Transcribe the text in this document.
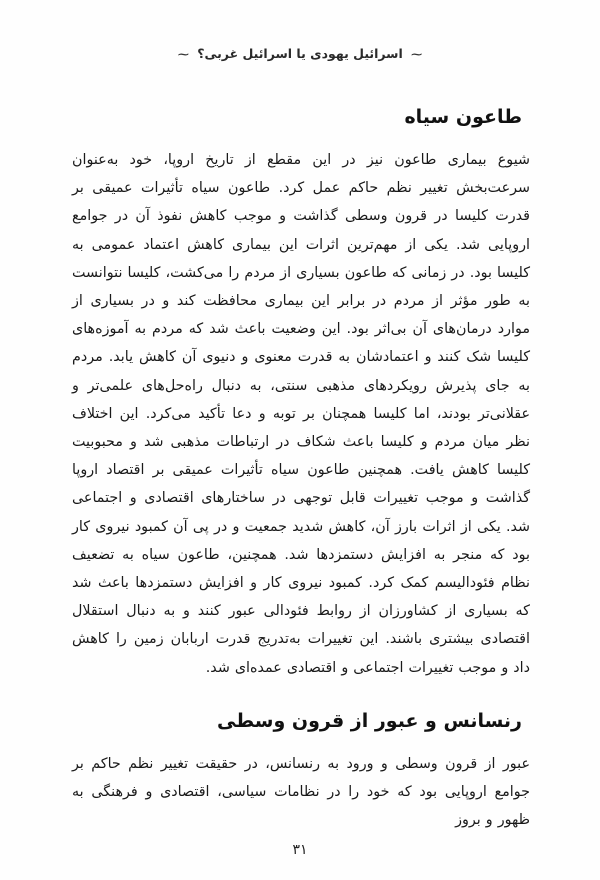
⁓ اسرائیل یهودی یا اسرائیل غربی؟ ⁓
طاعون سیاه

شیوع بیماری طاعون نیز در این مقطع از تاریخ اروپا، خود به‌عنوان سرعت‌بخش تغییر نظم حاکم عمل کرد. طاعون سیاه تأثیرات عمیقی بر قدرت کلیسا در قرون وسطی گذاشت و موجب کاهش نفوذ آن در جوامع اروپایی شد. یکی از مهم‌ترین اثرات این بیماری کاهش اعتماد عمومی به کلیسا بود. در زمانی که طاعون بسیاری از مردم را می‌کشت، کلیسا نتوانست به طور مؤثر از مردم در برابر این بیماری محافظت کند و در بسیاری از موارد درمان‌های آن بی‌اثر بود. این وضعیت باعث شد که مردم به آموزه‌های کلیسا شک کنند و اعتمادشان به قدرت معنوی و دنیوی آن کاهش یابد. مردم به جای پذیرش رویکردهای مذهبی سنتی، به دنبال راه‌حل‌های علمی‌تر و عقلانی‌تر بودند، اما کلیسا همچنان بر توبه و دعا تأکید می‌کرد. این اختلاف نظر میان مردم و کلیسا باعث شکاف در ارتباطات مذهبی شد و محبوبیت کلیسا کاهش یافت. همچنین طاعون سیاه تأثیرات عمیقی بر اقتصاد اروپا گذاشت و موجب تغییرات قابل توجهی در ساختارهای اقتصادی و اجتماعی شد. یکی از اثرات بارز آن، کاهش شدید جمعیت و در پی آن کمبود نیروی کار بود که منجر به افزایش دستمزدها شد. همچنین، طاعون سیاه به تضعیف نظام فئودالیسم کمک کرد. کمبود نیروی کار و افزایش دستمزدها باعث شد که بسیاری از کشاورزان از روابط فئودالی عبور کنند و به دنبال استقلال اقتصادی بیشتری باشند. این تغییرات به‌تدریج قدرت اربابان زمین را کاهش داد و موجب تغییرات اجتماعی و اقتصادی عمده‌ای شد.

رنسانس و عبور از قرون وسطی

عبور از قرون وسطی و ورود به رنسانس، در حقیقت تغییر نظم حاکم بر جوامع اروپایی بود که خود را در نظامات سیاسی، اقتصادی و فرهنگی به ظهور و بروز

۳۱
